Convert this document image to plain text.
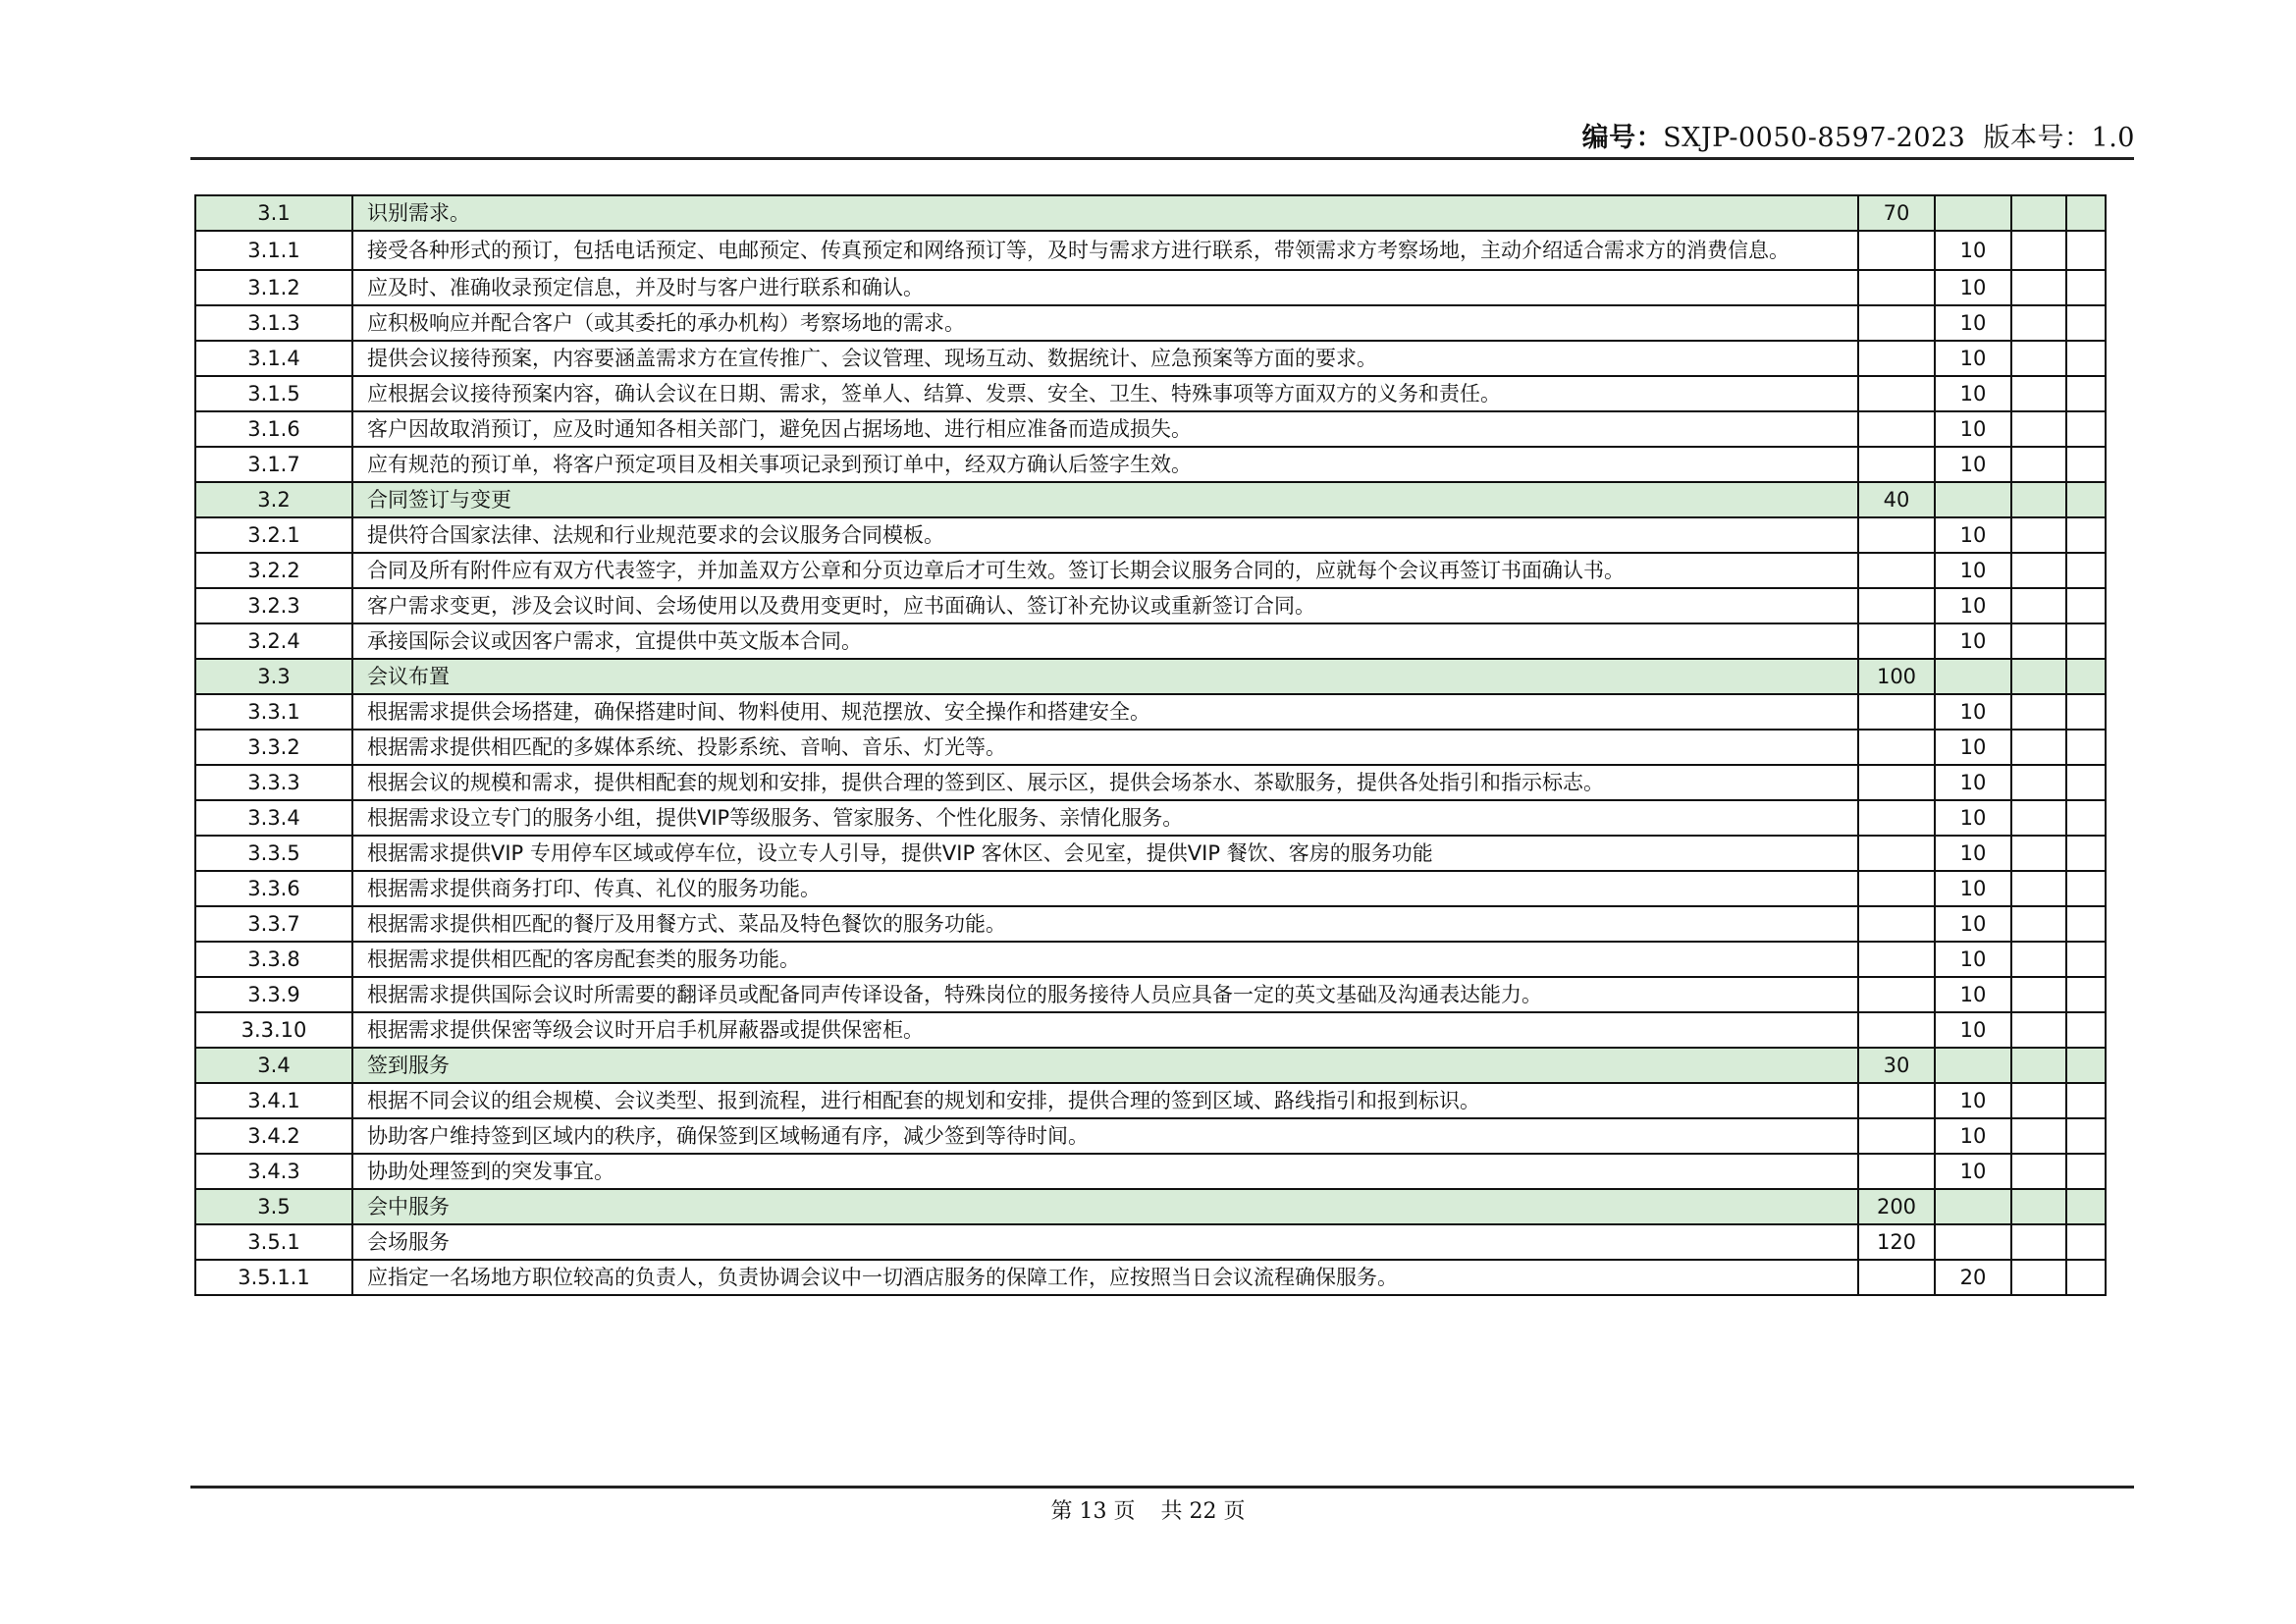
编号：SXJP-0050-8597-2023 版本号：1.0
3.1	识别需求。	70			
3.1.1	接受各种形式的预订，包括电话预定、电邮预定、传真预定和网络预订等，及时与需求方进行联系，带领需求方考察场地，主动介绍适合需求方的消费信息。		10		
3.1.2	应及时、准确收录预定信息，并及时与客户进行联系和确认。		10		
3.1.3	应积极响应并配合客户（或其委托的承办机构）考察场地的需求。		10		
3.1.4	提供会议接待预案，内容要涵盖需求方在宣传推广、会议管理、现场互动、数据统计、应急预案等方面的要求。		10		
3.1.5	应根据会议接待预案内容，确认会议在日期、需求，签单人、结算、发票、安全、卫生、特殊事项等方面双方的义务和责任。		10		
3.1.6	客户因故取消预订，应及时通知各相关部门，避免因占据场地、进行相应准备而造成损失。		10		
3.1.7	应有规范的预订单，将客户预定项目及相关事项记录到预订单中，经双方确认后签字生效。		10		
3.2	合同签订与变更	40			
3.2.1	提供符合国家法律、法规和行业规范要求的会议服务合同模板。		10		
3.2.2	合同及所有附件应有双方代表签字，并加盖双方公章和分页边章后才可生效。签订长期会议服务合同的，应就每个会议再签订书面确认书。		10		
3.2.3	客户需求变更，涉及会议时间、会场使用以及费用变更时，应书面确认、签订补充协议或重新签订合同。		10		
3.2.4	承接国际会议或因客户需求，宜提供中英文版本合同。		10		
3.3	会议布置	100			
3.3.1	根据需求提供会场搭建，确保搭建时间、物料使用、规范摆放、安全操作和搭建安全。		10		
3.3.2	根据需求提供相匹配的多媒体系统、投影系统、音响、音乐、灯光等。		10		
3.3.3	根据会议的规模和需求，提供相配套的规划和安排，提供合理的签到区、展示区，提供会场茶水、茶歇服务，提供各处指引和指示标志。		10		
3.3.4	根据需求设立专门的服务小组，提供VIP等级服务、管家服务、个性化服务、亲情化服务。		10		
3.3.5	根据需求提供VIP 专用停车区域或停车位，设立专人引导，提供VIP 客休区、会见室，提供VIP 餐饮、客房的服务功能		10		
3.3.6	根据需求提供商务打印、传真、礼仪的服务功能。		10		
3.3.7	根据需求提供相匹配的餐厅及用餐方式、菜品及特色餐饮的服务功能。		10		
3.3.8	根据需求提供相匹配的客房配套类的服务功能。		10		
3.3.9	根据需求提供国际会议时所需要的翻译员或配备同声传译设备，特殊岗位的服务接待人员应具备一定的英文基础及沟通表达能力。		10		
3.3.10	根据需求提供保密等级会议时开启手机屏蔽器或提供保密柜。		10		
3.4	签到服务	30			
3.4.1	根据不同会议的组会规模、会议类型、报到流程，进行相配套的规划和安排，提供合理的签到区域、路线指引和报到标识。		10		
3.4.2	协助客户维持签到区域内的秩序，确保签到区域畅通有序，减少签到等待时间。		10		
3.4.3	协助处理签到的突发事宜。		10		
3.5	会中服务	200			
3.5.1	会场服务	120			
3.5.1.1	应指定一名场地方职位较高的负责人，负责协调会议中一切酒店服务的保障工作，应按照当日会议流程确保服务。		20		
第 13 页 共 22 页
